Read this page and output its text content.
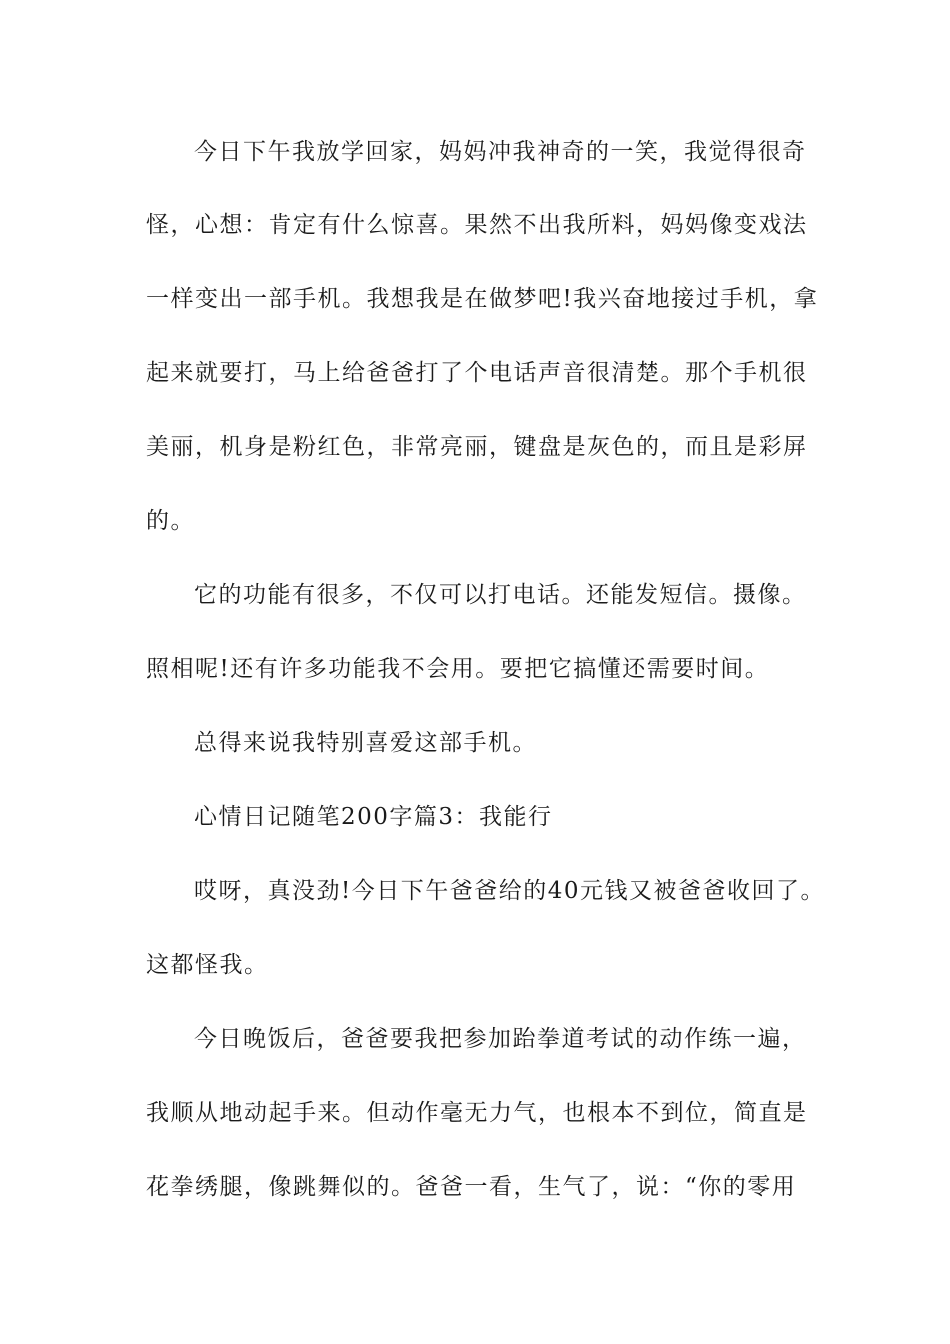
今日下午我放学回家，妈妈冲我神奇的一笑，我觉得很奇
怪，心想：肯定有什么惊喜。果然不出我所料，妈妈像变戏法
一样变出一部手机。我想我是在做梦吧!我兴奋地接过手机，拿
起来就要打，马上给爸爸打了个电话声音很清楚。那个手机很
美丽，机身是粉红色，非常亮丽，键盘是灰色的，而且是彩屏
的。
它的功能有很多，不仅可以打电话。还能发短信。摄像。
照相呢!还有许多功能我不会用。要把它搞懂还需要时间。
总得来说我特别喜爱这部手机。
心情日记随笔200字篇3：我能行
哎呀，真没劲!今日下午爸爸给的40元钱又被爸爸收回了。
这都怪我。
今日晚饭后，爸爸要我把参加跆拳道考试的动作练一遍，
我顺从地动起手来。但动作毫无力气，也根本不到位，简直是
花拳绣腿，像跳舞似的。爸爸一看，生气了，说：“你的零用
